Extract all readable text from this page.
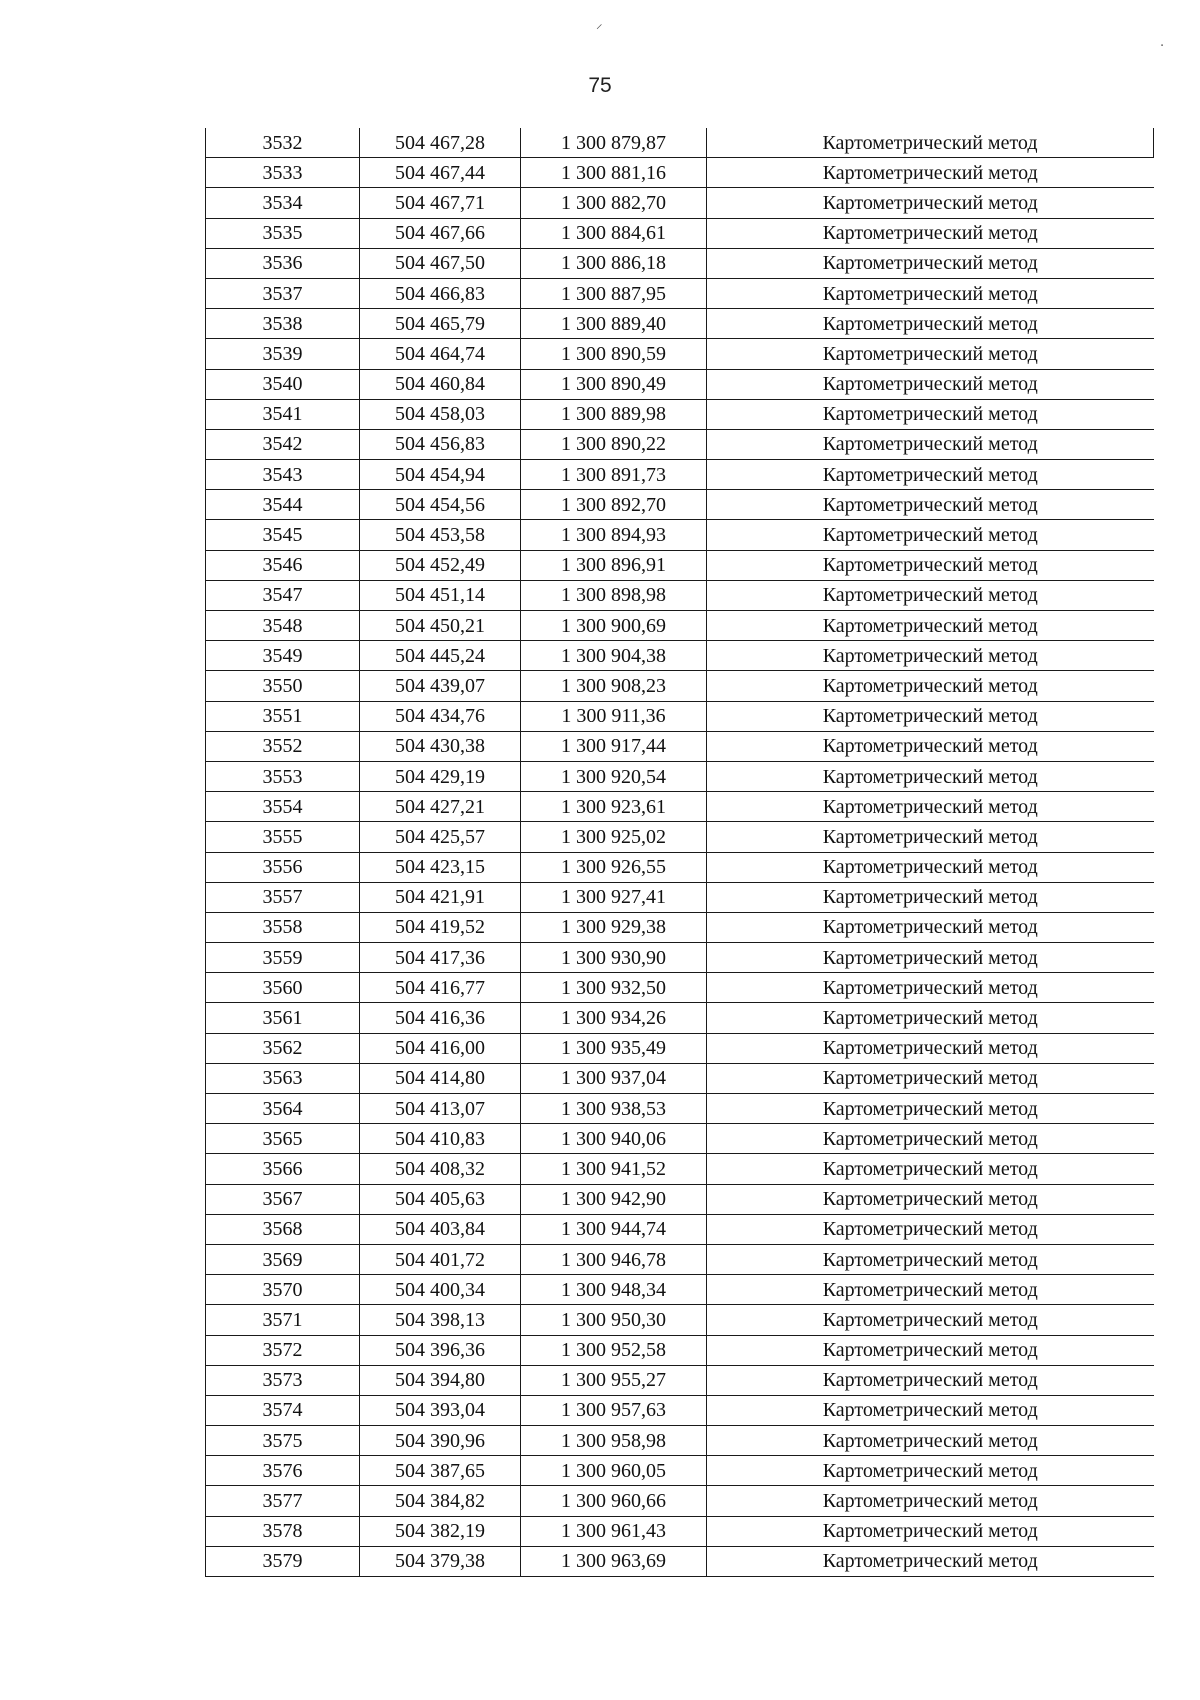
⸝
·
75
3532	504 467,28	1 300 879,87	Картометрический метод
3533	504 467,44	1 300 881,16	Картометрический метод
3534	504 467,71	1 300 882,70	Картометрический метод
3535	504 467,66	1 300 884,61	Картометрический метод
3536	504 467,50	1 300 886,18	Картометрический метод
3537	504 466,83	1 300 887,95	Картометрический метод
3538	504 465,79	1 300 889,40	Картометрический метод
3539	504 464,74	1 300 890,59	Картометрический метод
3540	504 460,84	1 300 890,49	Картометрический метод
3541	504 458,03	1 300 889,98	Картометрический метод
3542	504 456,83	1 300 890,22	Картометрический метод
3543	504 454,94	1 300 891,73	Картометрический метод
3544	504 454,56	1 300 892,70	Картометрический метод
3545	504 453,58	1 300 894,93	Картометрический метод
3546	504 452,49	1 300 896,91	Картометрический метод
3547	504 451,14	1 300 898,98	Картометрический метод
3548	504 450,21	1 300 900,69	Картометрический метод
3549	504 445,24	1 300 904,38	Картометрический метод
3550	504 439,07	1 300 908,23	Картометрический метод
3551	504 434,76	1 300 911,36	Картометрический метод
3552	504 430,38	1 300 917,44	Картометрический метод
3553	504 429,19	1 300 920,54	Картометрический метод
3554	504 427,21	1 300 923,61	Картометрический метод
3555	504 425,57	1 300 925,02	Картометрический метод
3556	504 423,15	1 300 926,55	Картометрический метод
3557	504 421,91	1 300 927,41	Картометрический метод
3558	504 419,52	1 300 929,38	Картометрический метод
3559	504 417,36	1 300 930,90	Картометрический метод
3560	504 416,77	1 300 932,50	Картометрический метод
3561	504 416,36	1 300 934,26	Картометрический метод
3562	504 416,00	1 300 935,49	Картометрический метод
3563	504 414,80	1 300 937,04	Картометрический метод
3564	504 413,07	1 300 938,53	Картометрический метод
3565	504 410,83	1 300 940,06	Картометрический метод
3566	504 408,32	1 300 941,52	Картометрический метод
3567	504 405,63	1 300 942,90	Картометрический метод
3568	504 403,84	1 300 944,74	Картометрический метод
3569	504 401,72	1 300 946,78	Картометрический метод
3570	504 400,34	1 300 948,34	Картометрический метод
3571	504 398,13	1 300 950,30	Картометрический метод
3572	504 396,36	1 300 952,58	Картометрический метод
3573	504 394,80	1 300 955,27	Картометрический метод
3574	504 393,04	1 300 957,63	Картометрический метод
3575	504 390,96	1 300 958,98	Картометрический метод
3576	504 387,65	1 300 960,05	Картометрический метод
3577	504 384,82	1 300 960,66	Картометрический метод
3578	504 382,19	1 300 961,43	Картометрический метод
3579	504 379,38	1 300 963,69	Картометрический метод
